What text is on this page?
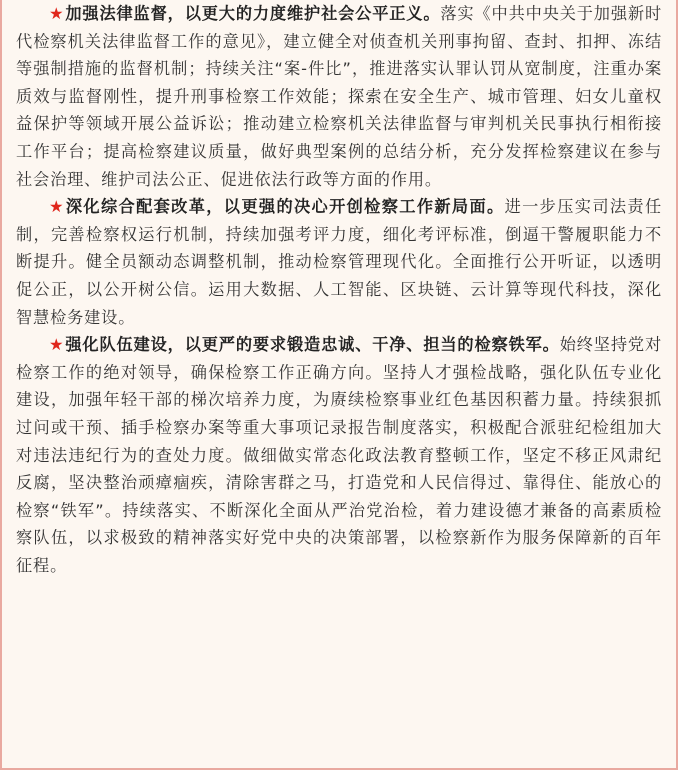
★加强法律监督，以更大的力度维护社会公平正义。落实《中共中央关于加强新时代检察机关法律监督工作的意见》，建立健全对侦查机关刑事拘留、查封、扣押、冻结等强制措施的监督机制；持续关注“案-件比”，推进落实认罪认罚从宽制度，注重办案质效与监督刚性，提升刑事检察工作效能；探索在安全生产、城市管理、妇女儿童权益保护等领域开展公益诉讼；推动建立检察机关法律监督与审判机关民事执行相衔接工作平台；提高检察建议质量，做好典型案例的总结分析，充分发挥检察建议在参与社会治理、维护司法公正、促进依法行政等方面的作用。

★深化综合配套改革，以更强的决心开创检察工作新局面。进一步压实司法责任制，完善检察权运行机制，持续加强考评力度，细化考评标准，倒逼干警履职能力不断提升。健全员额动态调整机制，推动检察管理现代化。全面推行公开听证，以透明促公正，以公开树公信。运用大数据、人工智能、区块链、云计算等现代科技，深化智慧检务建设。

★强化队伍建设，以更严的要求锻造忠诚、干净、担当的检察铁军。始终坚持党对检察工作的绝对领导，确保检察工作正确方向。坚持人才强检战略，强化队伍专业化建设，加强年轻干部的梯次培养力度，为赓续检察事业红色基因积蓄力量。持续狠抓过问或干预、插手检察办案等重大事项记录报告制度落实，积极配合派驻纪检组加大对违法违纪行为的查处力度。做细做实常态化政法教育整顿工作，坚定不移正风肃纪反腐，坚决整治顽瘴痼疾，清除害群之马，打造党和人民信得过、靠得住、能放心的检察“铁军”。持续落实、不断深化全面从严治党治检，着力建设德才兼备的高素质检察队伍，以求极致的精神落实好党中央的决策部署，以检察新作为服务保障新的百年征程。
